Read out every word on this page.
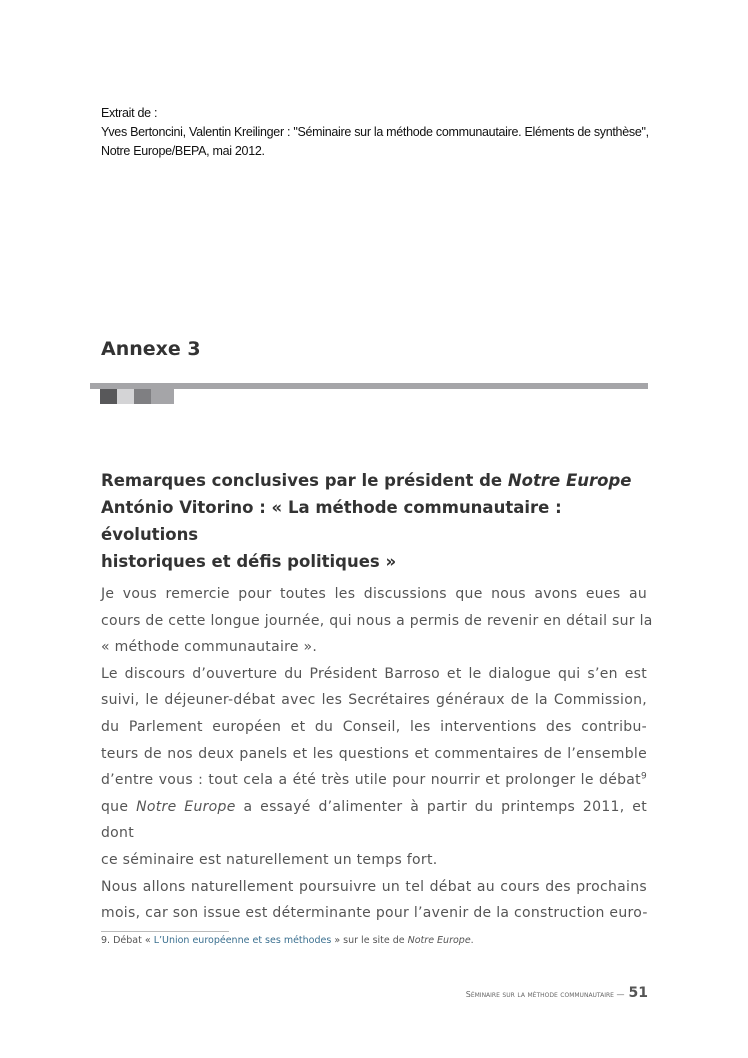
Extrait de :
Yves Bertoncini, Valentin Kreilinger : "Séminaire sur la méthode communautaire. Eléments de synthèse",
Notre Europe/BEPA, mai 2012.
Annexe 3
Remarques conclusives par le président de Notre Europe
António Vitorino : « La méthode communautaire : évolutions
historiques et défis politiques »
Je vous remercie pour toutes les discussions que nous avons eues au
cours de cette longue journée, qui nous a permis de revenir en détail sur la
« méthode communautaire ».
Le discours d’ouverture du Président Barroso et le dialogue qui s’en est
suivi, le déjeuner-débat avec les Secrétaires généraux de la Commission,
du Parlement européen et du Conseil, les interventions des contribu-
teurs de nos deux panels et les questions et commentaires de l’ensemble
d’entre vous : tout cela a été très utile pour nourrir et prolonger le débat$^9$
que Notre Europe a essayé d’alimenter à partir du printemps 2011, et dont
ce séminaire est naturellement un temps fort.
Nous allons naturellement poursuivre un tel débat au cours des prochains
mois, car son issue est déterminante pour l’avenir de la construction euro-
9. Débat « L’Union européenne et ses méthodes » sur le site de Notre Europe.
Séminaire sur la méthode communautaire — 51
